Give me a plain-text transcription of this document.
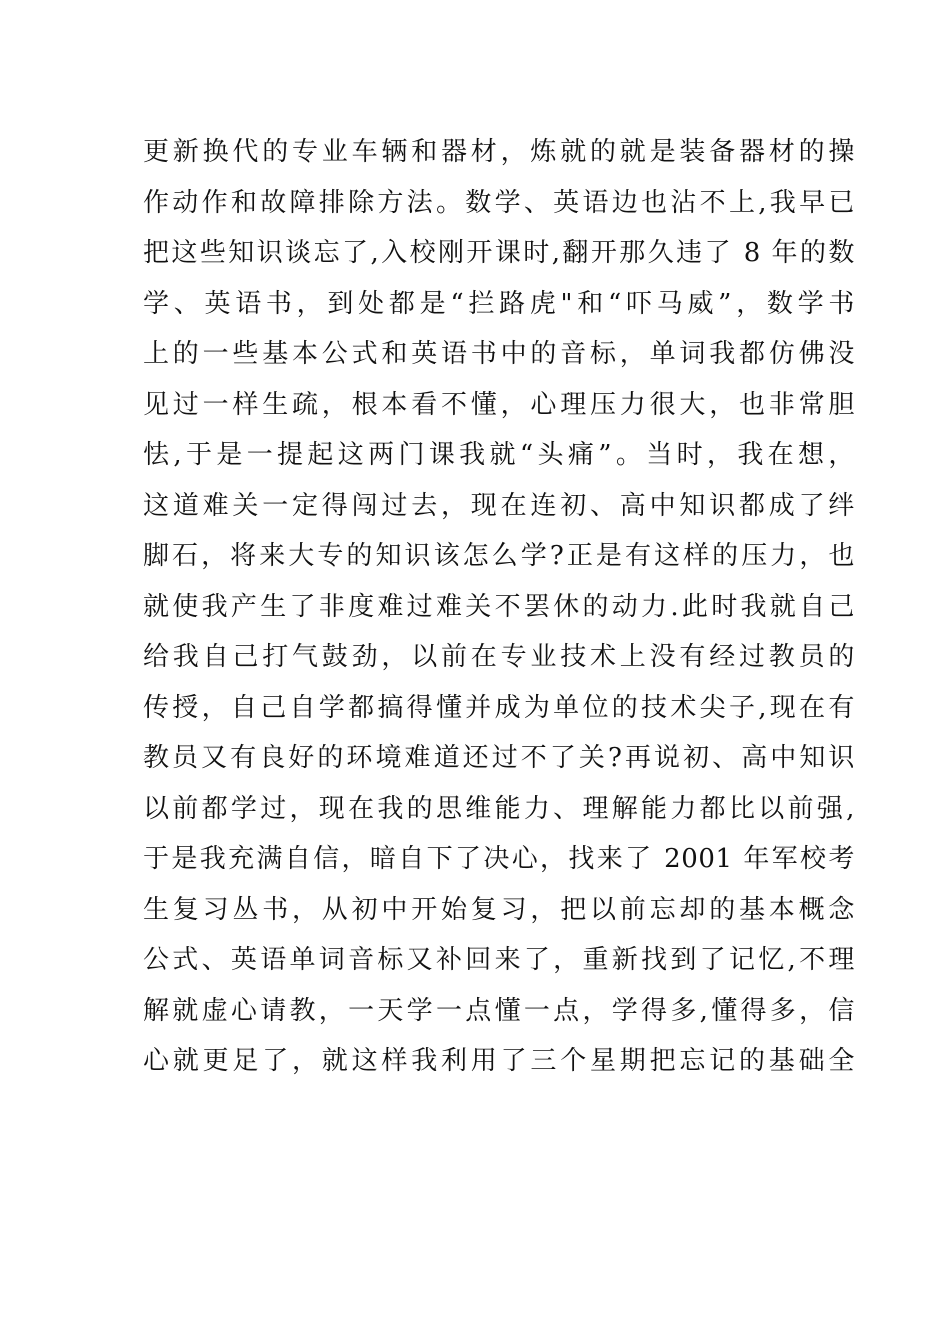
更新换代的专业车辆和器材，炼就的就是装备器材的操
作动作和故障排除方法。数学、英语边也沾不上,我早已
把这些知识谈忘了,入校刚开课时,翻开那久违了 8 年的数
学、英语书，到处都是“拦路虎"和“吓马威”，数学书
上的一些基本公式和英语书中的音标，单词我都仿佛没
见过一样生疏，根本看不懂，心理压力很大，也非常胆
怯,于是一提起这两门课我就“头痛”。当时，我在想，
这道难关一定得闯过去，现在连初、高中知识都成了绊
脚石，将来大专的知识该怎么学?正是有这样的压力，也
就使我产生了非度难过难关不罢休的动力.此时我就自己
给我自己打气鼓劲，以前在专业技术上没有经过教员的
传授，自己自学都搞得懂并成为单位的技术尖子,现在有
教员又有良好的环境难道还过不了关?再说初、高中知识
以前都学过，现在我的思维能力、理解能力都比以前强,
于是我充满自信，暗自下了决心，找来了 2001 年军校考
生复习丛书，从初中开始复习，把以前忘却的基本概念
公式、英语单词音标又补回来了，重新找到了记忆,不理
解就虚心请教，一天学一点懂一点，学得多,懂得多，信
心就更足了，就这样我利用了三个星期把忘记的基础全
